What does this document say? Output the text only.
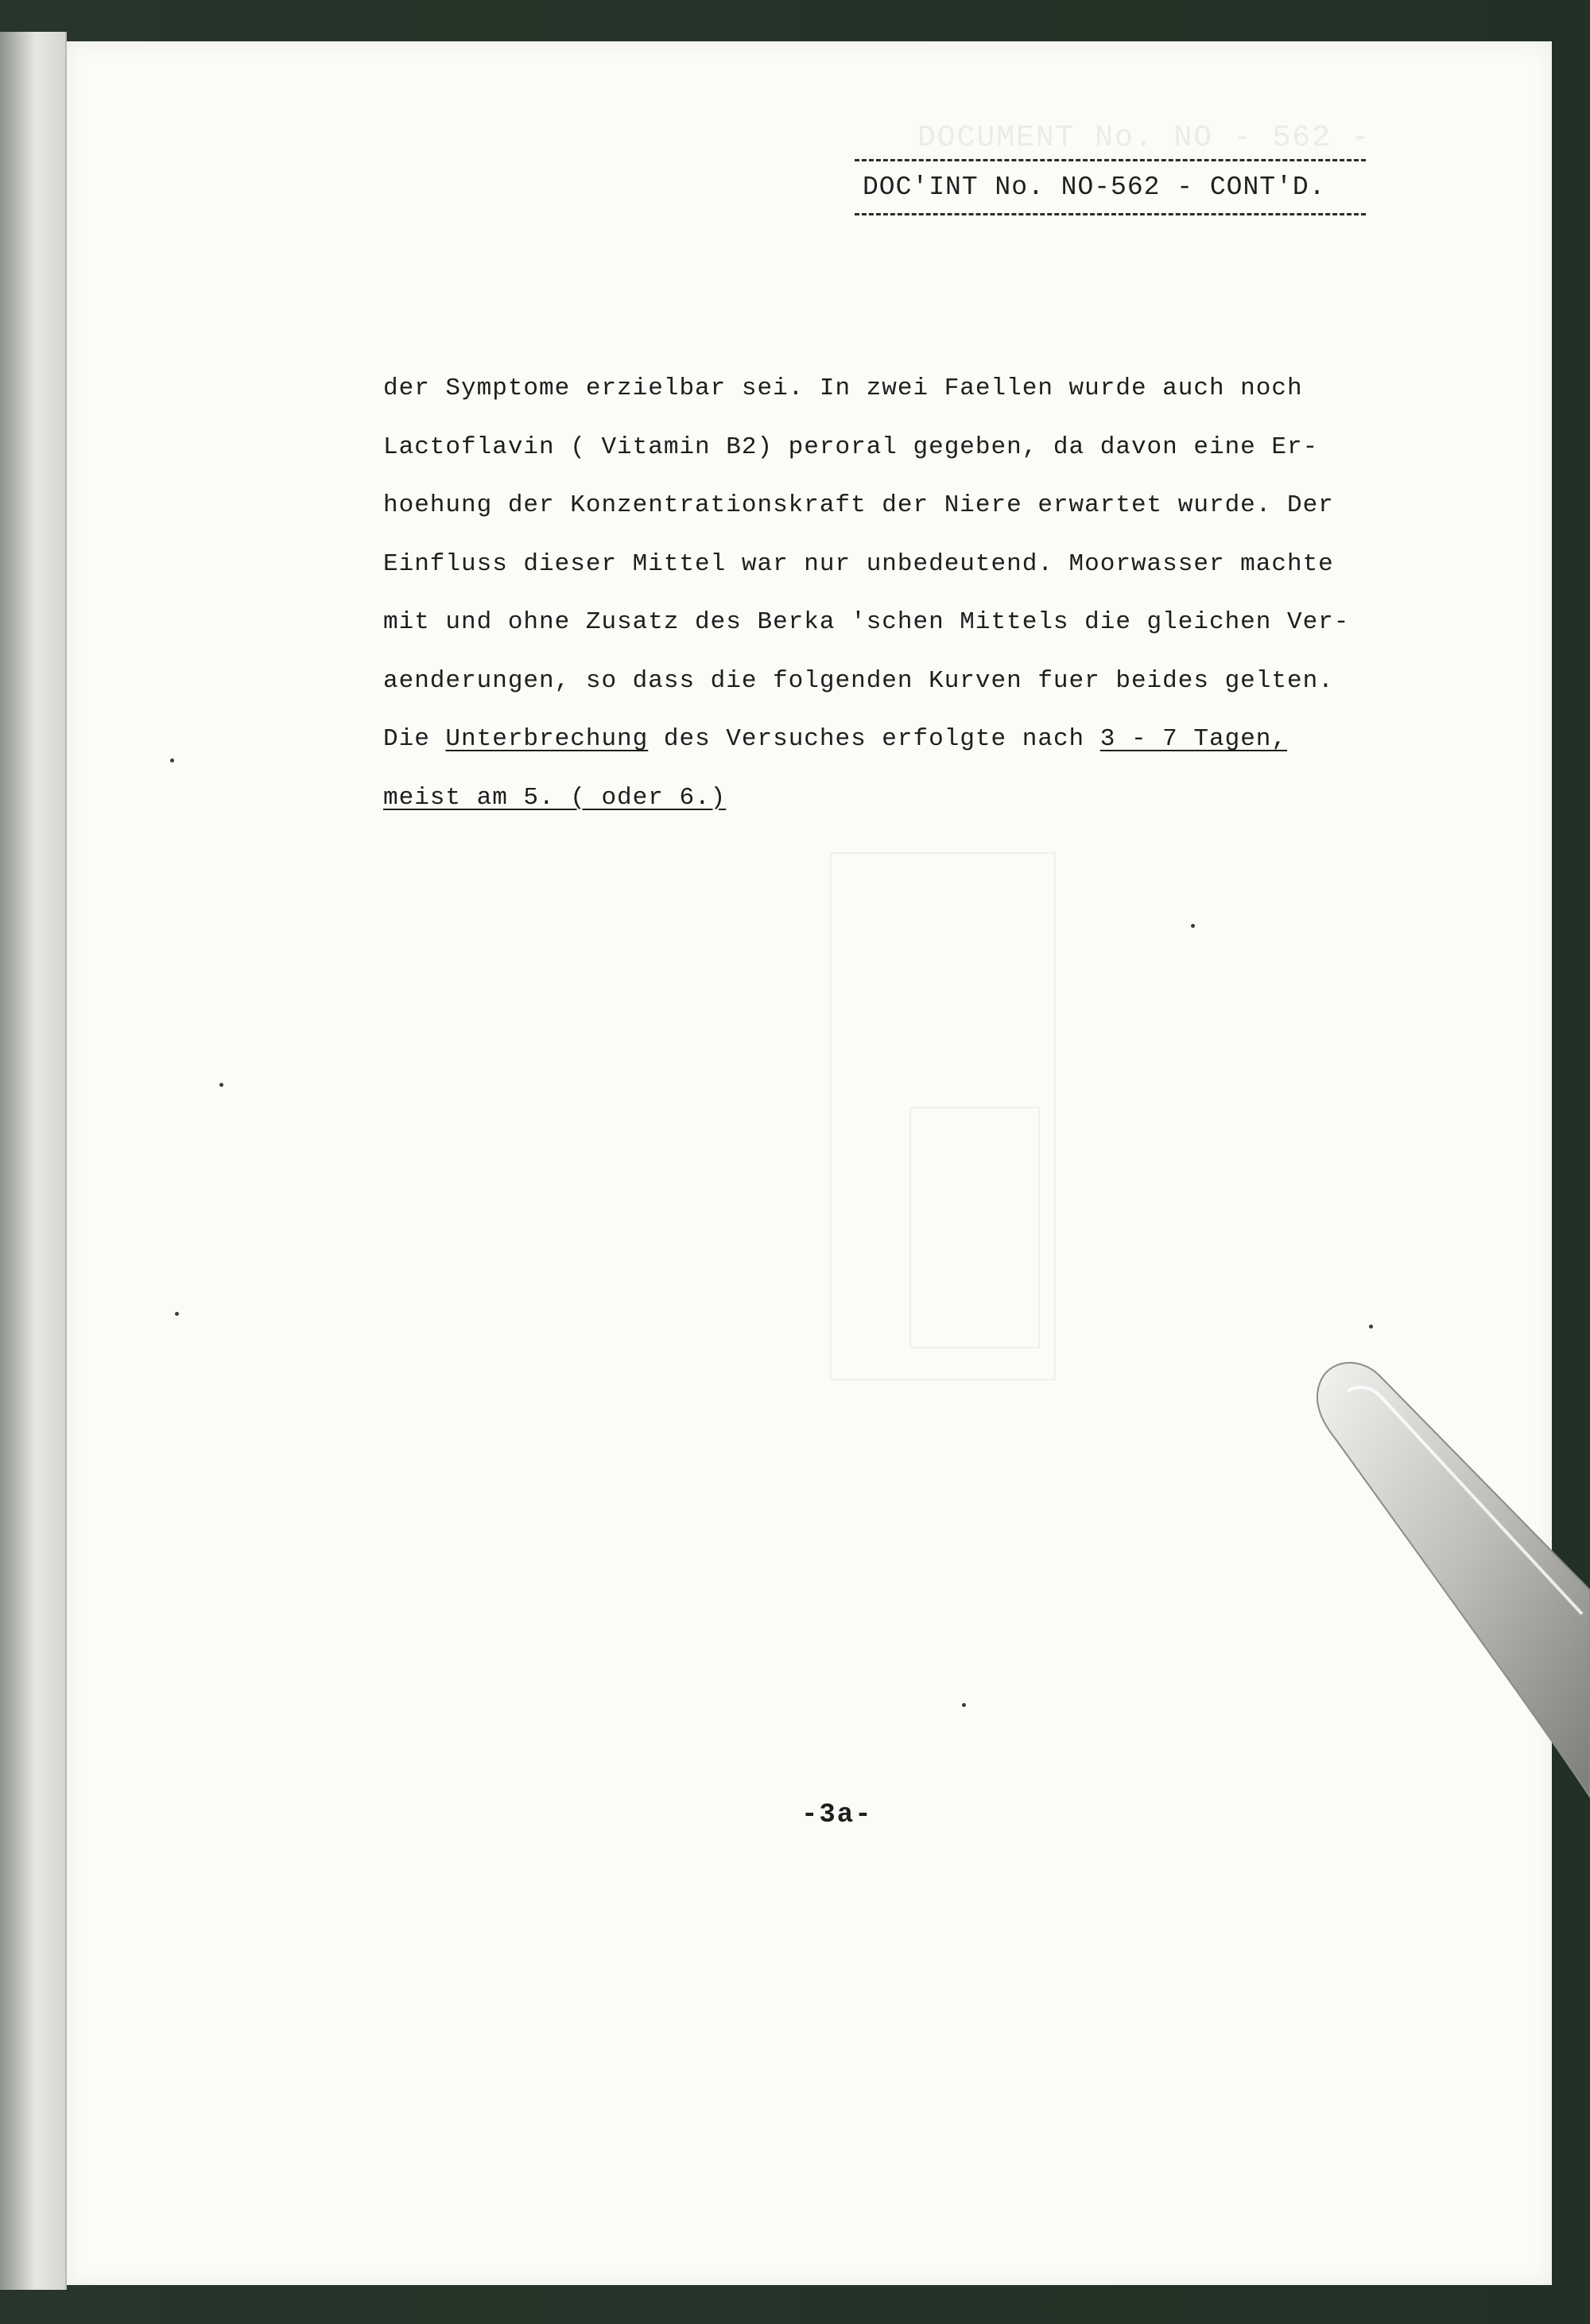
DOC'INT No. NO-562 - CONT'D.
der Symptome erzielbar sei. In zwei Faellen wurde auch noch
Lactoflavin ( Vitamin B2) peroral gegeben, da davon eine Er-
hoehung der Konzentrationskraft der Niere erwartet wurde. Der
Einfluss dieser Mittel war nur unbedeutend. Moorwasser machte
mit und ohne Zusatz des Berka 'schen Mittels die gleichen Ver-
aenderungen, so dass die folgenden Kurven fuer beides gelten.
Die Unterbrechung des Versuches erfolgte nach 3 - 7 Tagen,
meist am 5. ( oder 6.)
-3a-
